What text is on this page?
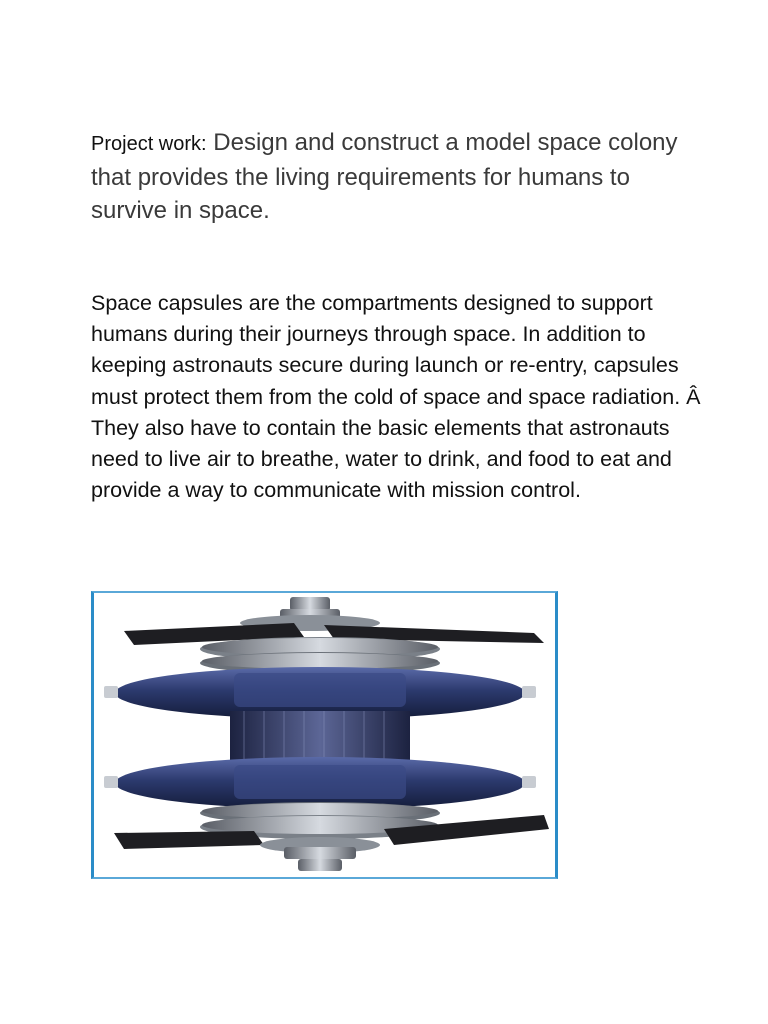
Project work: Design and construct a model space colony that provides the living requirements for humans to survive in space.

Space capsules are the compartments designed to support humans during their journeys through space. In addition to keeping astronauts secure during launch or re-entry, capsules must protect them from the cold of space and space radiation. Â They also have to contain the basic elements that astronauts need to live air to breathe, water to drink, and food to eat and provide a way to communicate with mission control.
